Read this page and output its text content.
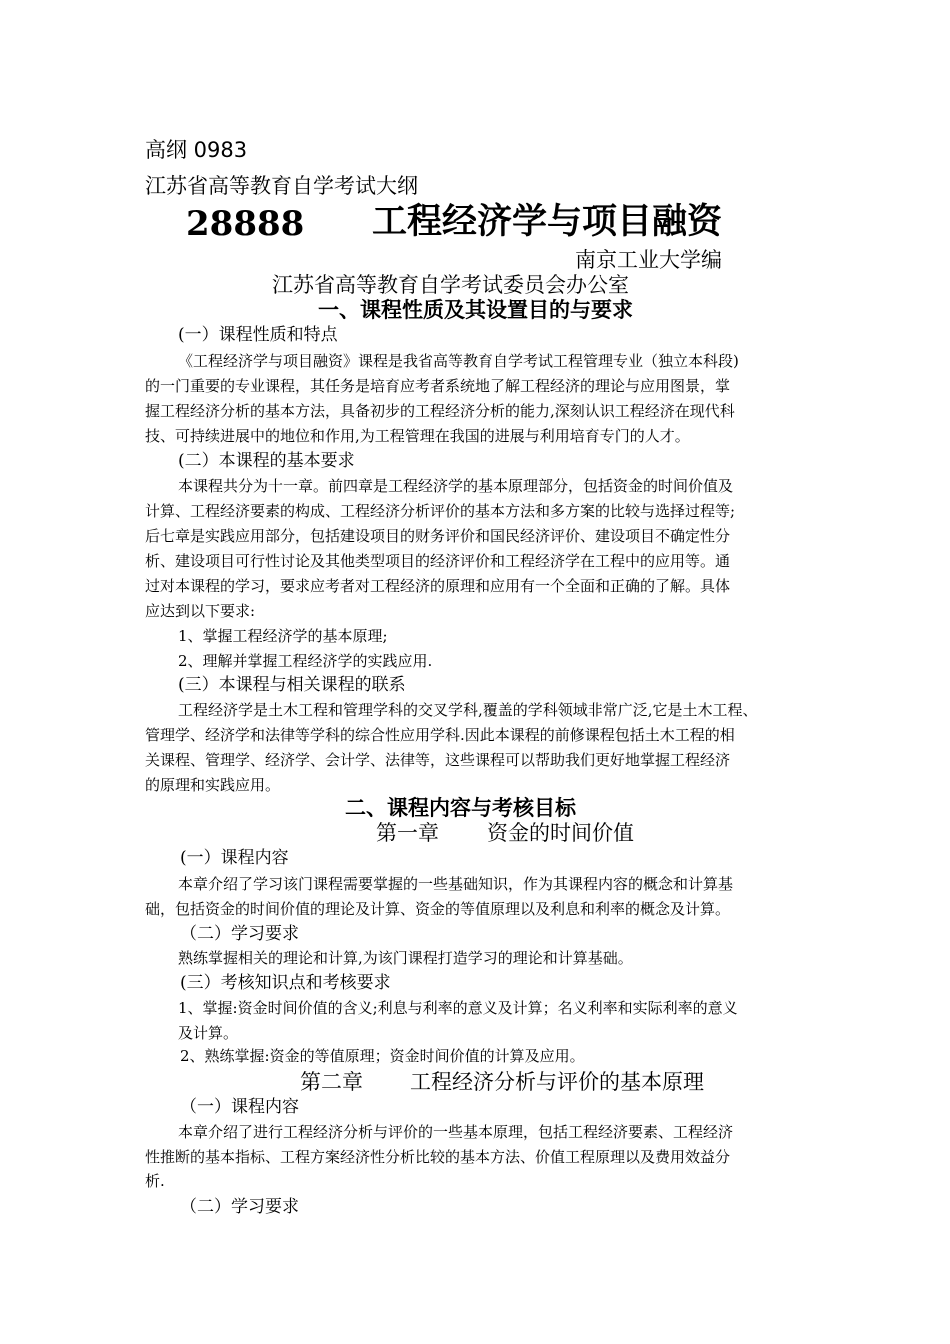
高纲 0983
江苏省高等教育自学考试大纲
28888 工程经济学与项目融资
南京工业大学编
江苏省高等教育自学考试委员会办公室
一、课程性质及其设置目的与要求
(一）课程性质和特点
《工程经济学与项目融资》课程是我省高等教育自学考试工程管理专业（独立本科段)
的一门重要的专业课程，其任务是培育应考者系统地了解工程经济的理论与应用图景，掌
握工程经济分析的基本方法，具备初步的工程经济分析的能力,深刻认识工程经济在现代科
技、可持续进展中的地位和作用,为工程管理在我国的进展与利用培育专门的人才。
(二）本课程的基本要求
本课程共分为十一章。前四章是工程经济学的基本原理部分，包括资金的时间价值及
计算、工程经济要素的构成、工程经济分析评价的基本方法和多方案的比较与选择过程等;
后七章是实践应用部分，包括建设项目的财务评价和国民经济评价、建设项目不确定性分
析、建设项目可行性讨论及其他类型项目的经济评价和工程经济学在工程中的应用等。通
过对本课程的学习，要求应考者对工程经济的原理和应用有一个全面和正确的了解。具体
应达到以下要求:
1、掌握工程经济学的基本原理;
2、理解并掌握工程经济学的实践应用.
(三）本课程与相关课程的联系
工程经济学是土木工程和管理学科的交叉学科,覆盖的学科领域非常广泛,它是土木工程、
管理学、经济学和法律等学科的综合性应用学科.因此本课程的前修课程包括土木工程的相
关课程、管理学、经济学、会计学、法律等，这些课程可以帮助我们更好地掌握工程经济
的原理和实践应用。
二、课程内容与考核目标
第一章 资金的时间价值
(一）课程内容
本章介绍了学习该门课程需要掌握的一些基础知识，作为其课程内容的概念和计算基
础，包括资金的时间价值的理论及计算、资金的等值原理以及利息和利率的概念及计算。
（二）学习要求
熟练掌握相关的理论和计算,为该门课程打造学习的理论和计算基础。
(三）考核知识点和考核要求
1、掌握:资金时间价值的含义;利息与利率的意义及计算；名义利率和实际利率的意义
及计算。
2、熟练掌握:资金的等值原理；资金时间价值的计算及应用。
第二章 工程经济分析与评价的基本原理
（一）课程内容
本章介绍了进行工程经济分析与评价的一些基本原理，包括工程经济要素、工程经济
性推断的基本指标、工程方案经济性分析比较的基本方法、价值工程原理以及费用效益分
析.
（二）学习要求
